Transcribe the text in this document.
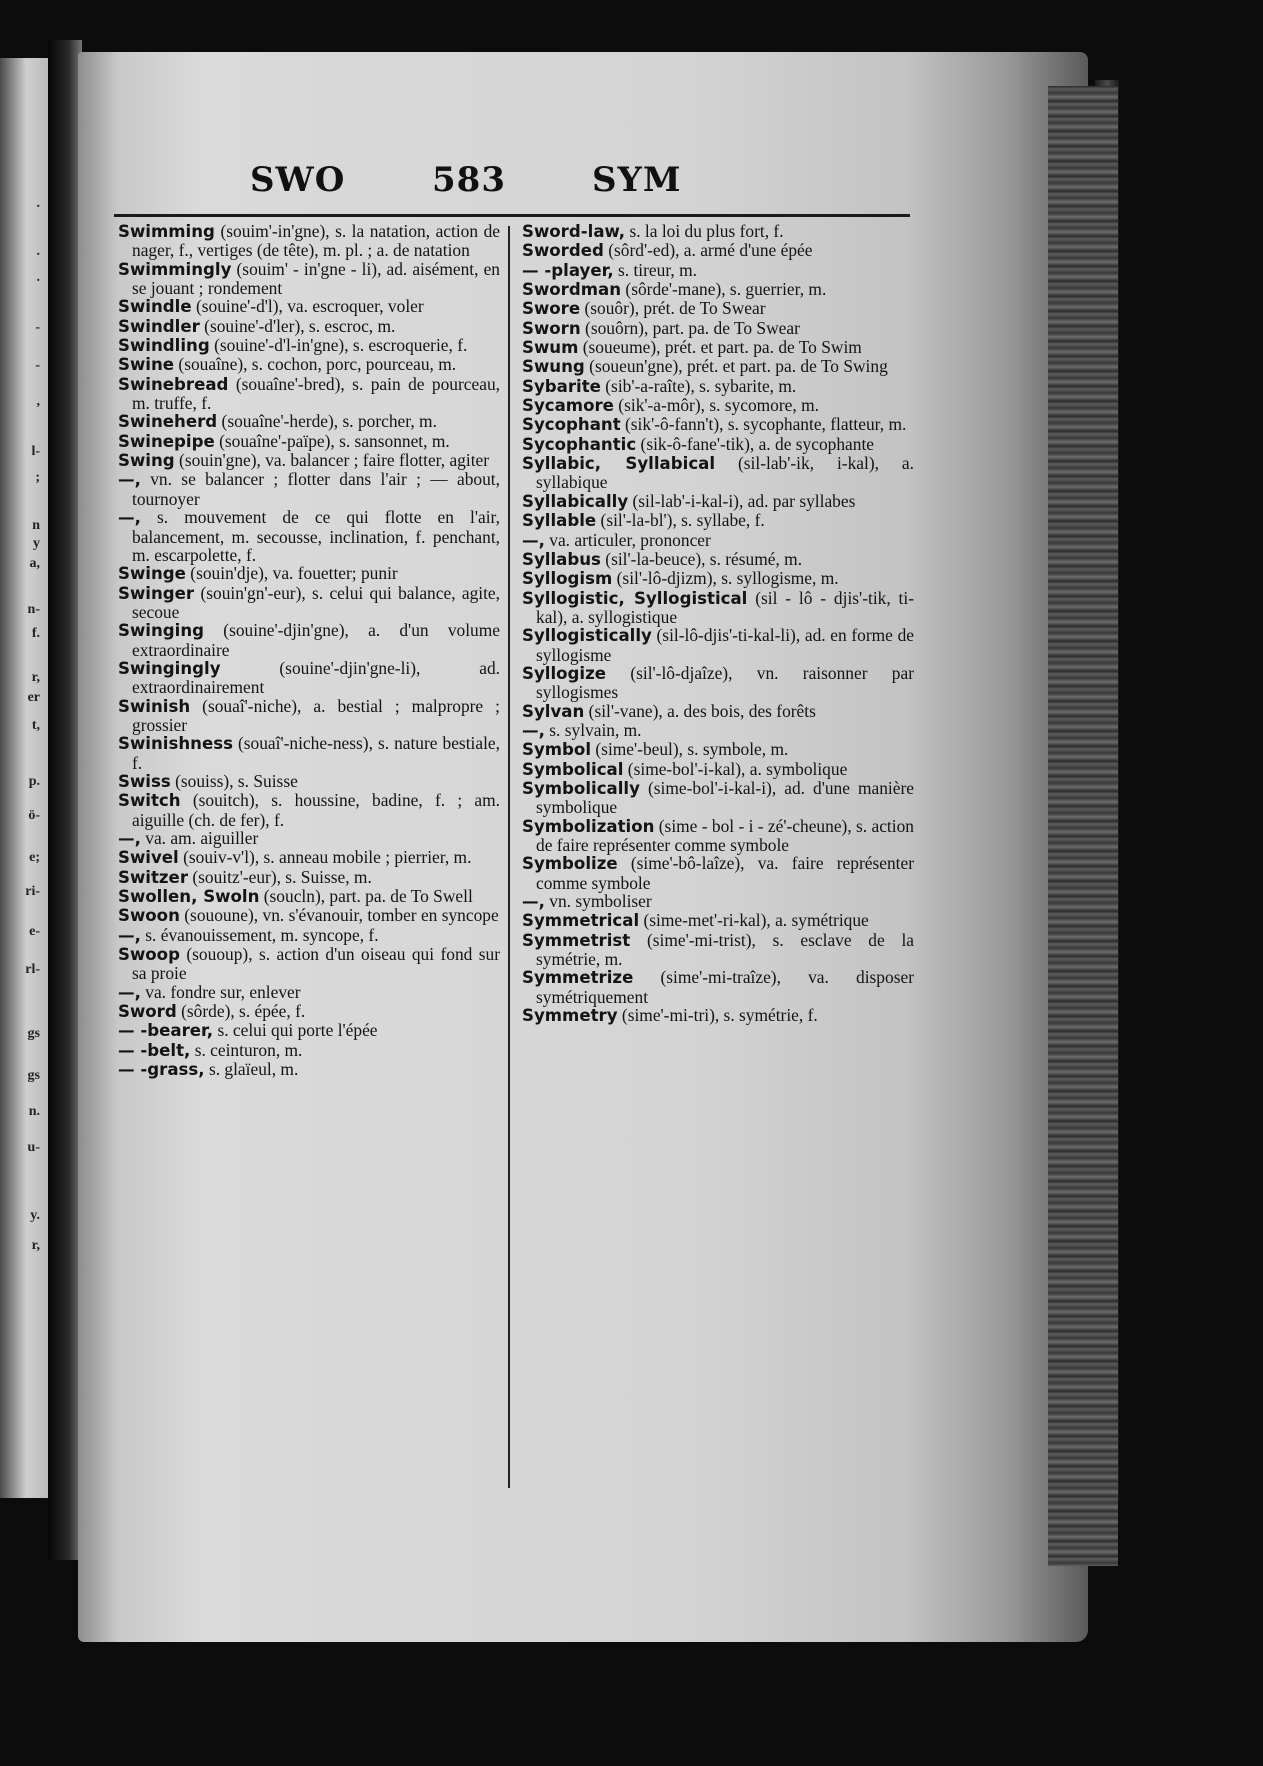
.
.
.
-
-
,
l-
;
n
y
a,
n-
f.
r,
er
t,
p.
ö-
e;
ri-
e-
rl-
gs
gs
n.
u-
y.
r,
SWO	583	SYM

Swimming (souim'-in'gne), s. la natation, action de nager, f., vertiges (de tête), m. pl. ; a. de natation

Swimmingly (souim' - in'gne - li), ad. aisément, en se jouant ; rondement

Swindle (souine'-d'l), va. escroquer, voler

Swindler (souine'-d'ler), s. escroc, m.

Swindling (souine'-d'l-in'gne), s. escroquerie, f.

Swine (souaîne), s. cochon, porc, pourceau, m.

Swinebread (souaîne'-bred), s. pain de pourceau, m. truffe, f.

Swineherd (souaîne'-herde), s. porcher, m.

Swinepipe (souaîne'-païpe), s. sansonnet, m.

Swing (souin'gne), va. balancer ; faire flotter, agiter

—, vn. se balancer ; flotter dans l'air ; — about, tournoyer

—, s. mouvement de ce qui flotte en l'air, balancement, m. secousse, inclination, f. penchant, m. escarpolette, f.

Swinge (souin'dje), va. fouetter; punir

Swinger (souin'gn'-eur), s. celui qui balance, agite, secoue

Swinging (souine'-djin'gne), a. d'un volume extraordinaire

Swingingly	(souine'-djin'gne-li), ad. extraordinairement

Swinish (souaî'-niche), a. bestial ; malpropre ; grossier

Swinishness (souaî'-niche-ness), s. nature bestiale, f.

Swiss (souiss), s. Suisse

Switch (souitch), s. houssine, badine, f. ; am. aiguille (ch. de fer), f.

—, va. am. aiguiller

Swivel (souiv-v'l), s. anneau mobile ; pierrier, m.

Switzer (souitz'-eur), s. Suisse, m.

Swollen, Swoln (soucln), part. pa. de To Swell

Swoon (sououne), vn. s'évanouir, tomber en syncope

—, s. évanouissement, m. syncope, f.

Swoop (sououp), s. action d'un oiseau qui fond sur sa proie

—, va. fondre sur, enlever

Sword (sôrde), s. épée, f.

— -bearer, s. celui qui porte l'épée

— -belt, s. ceinturon, m.

— -grass, s. glaïeul, m.

Sword-law, s. la loi du plus fort, f.

Sworded (sôrd'-ed), a. armé d'une épée

— -player, s. tireur, m.

Swordman (sôrde'-mane), s. guerrier, m.

Swore (souôr), prét. de To Swear

Sworn (souôrn), part. pa. de To Swear

Swum (soueume), prét. et part. pa. de To Swim

Swung (soueun'gne), prét. et part. pa. de To Swing

Sybarite (sib'-a-raîte), s. sybarite, m.

Sycamore (sik'-a-môr), s. sycomore, m.

Sycophant (sik'-ô-fann't), s. sycophante, flatteur, m.

Sycophantic (sik-ô-fane'-tik), a. de sycophante

Syllabic, Syllabical (sil-lab'-ik, i-kal), a. syllabique

Syllabically (sil-lab'-i-kal-i), ad. par syllabes

Syllable (sil'-la-bl'), s. syllabe, f.

—, va. articuler, prononcer

Syllabus (sil'-la-beuce), s. résumé, m.

Syllogism (sil'-lô-djizm), s. syllogisme, m.

Syllogistic, Syllogistical (sil - lô - djis'-tik, ti-kal), a. syllogistique

Syllogistically (sil-lô-djis'-ti-kal-li), ad. en forme de syllogisme

Syllogize (sil'-lô-djaîze), vn. raisonner par syllogismes

Sylvan (sil'-vane), a. des bois, des forêts

—, s. sylvain, m.

Symbol (sime'-beul), s. symbole, m.

Symbolical (sime-bol'-i-kal), a. symbolique

Symbolically (sime-bol'-i-kal-i), ad. d'une manière symbolique

Symbolization (sime - bol - i - zé'-cheune), s. action de faire représenter comme symbole

Symbolize (sime'-bô-laîze), va. faire représenter comme symbole

—, vn. symboliser

Symmetrical (sime-met'-ri-kal), a. symétrique

Symmetrist (sime'-mi-trist), s. esclave de la symétrie, m.

Symmetrize (sime'-mi-traîze), va. disposer symétriquement

Symmetry (sime'-mi-tri), s. symétrie, f.
